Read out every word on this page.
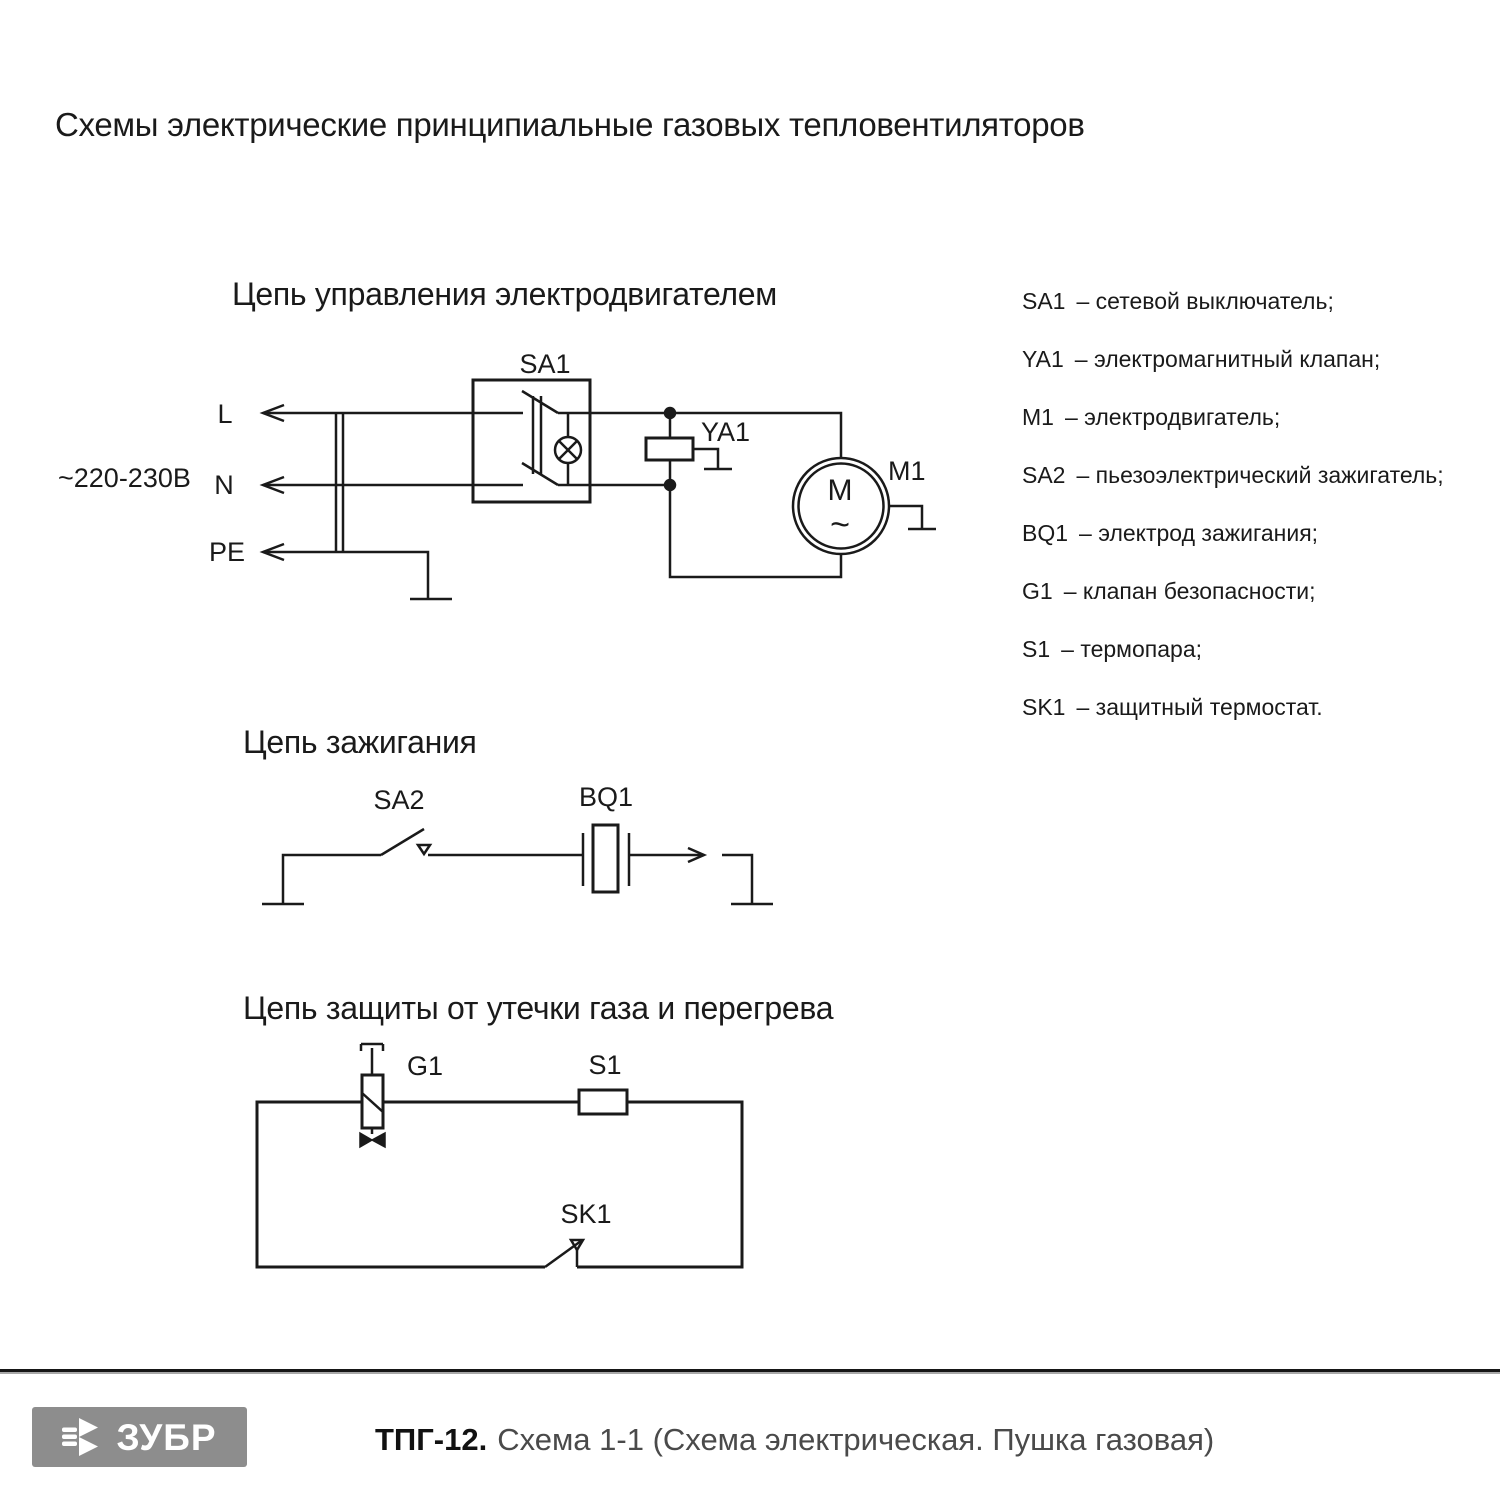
Схемы электрические принципиальные газовых тепловентиляторов
Цепь управления электродвигателем
Цепь зажигания
Цепь защиты от утечки газа и перегрева
~220-230В
L
N
PE
SA1
YA1
M1
M
~
SA2	BQ1
G1	S1
SK1
SA1 – сетевой выключатель;
YA1 – электромагнитный клапан;
M1 – электродвигатель;
SA2 – пьезоэлектрический зажигатель;
BQ1 – электрод зажигания;
G1 – клапан безопасности;
S1 – термопара;
SK1 – защитный термостат.
ЗУБР	ТПГ-12. Схема 1-1 (Схема электрическая. Пушка газовая)
